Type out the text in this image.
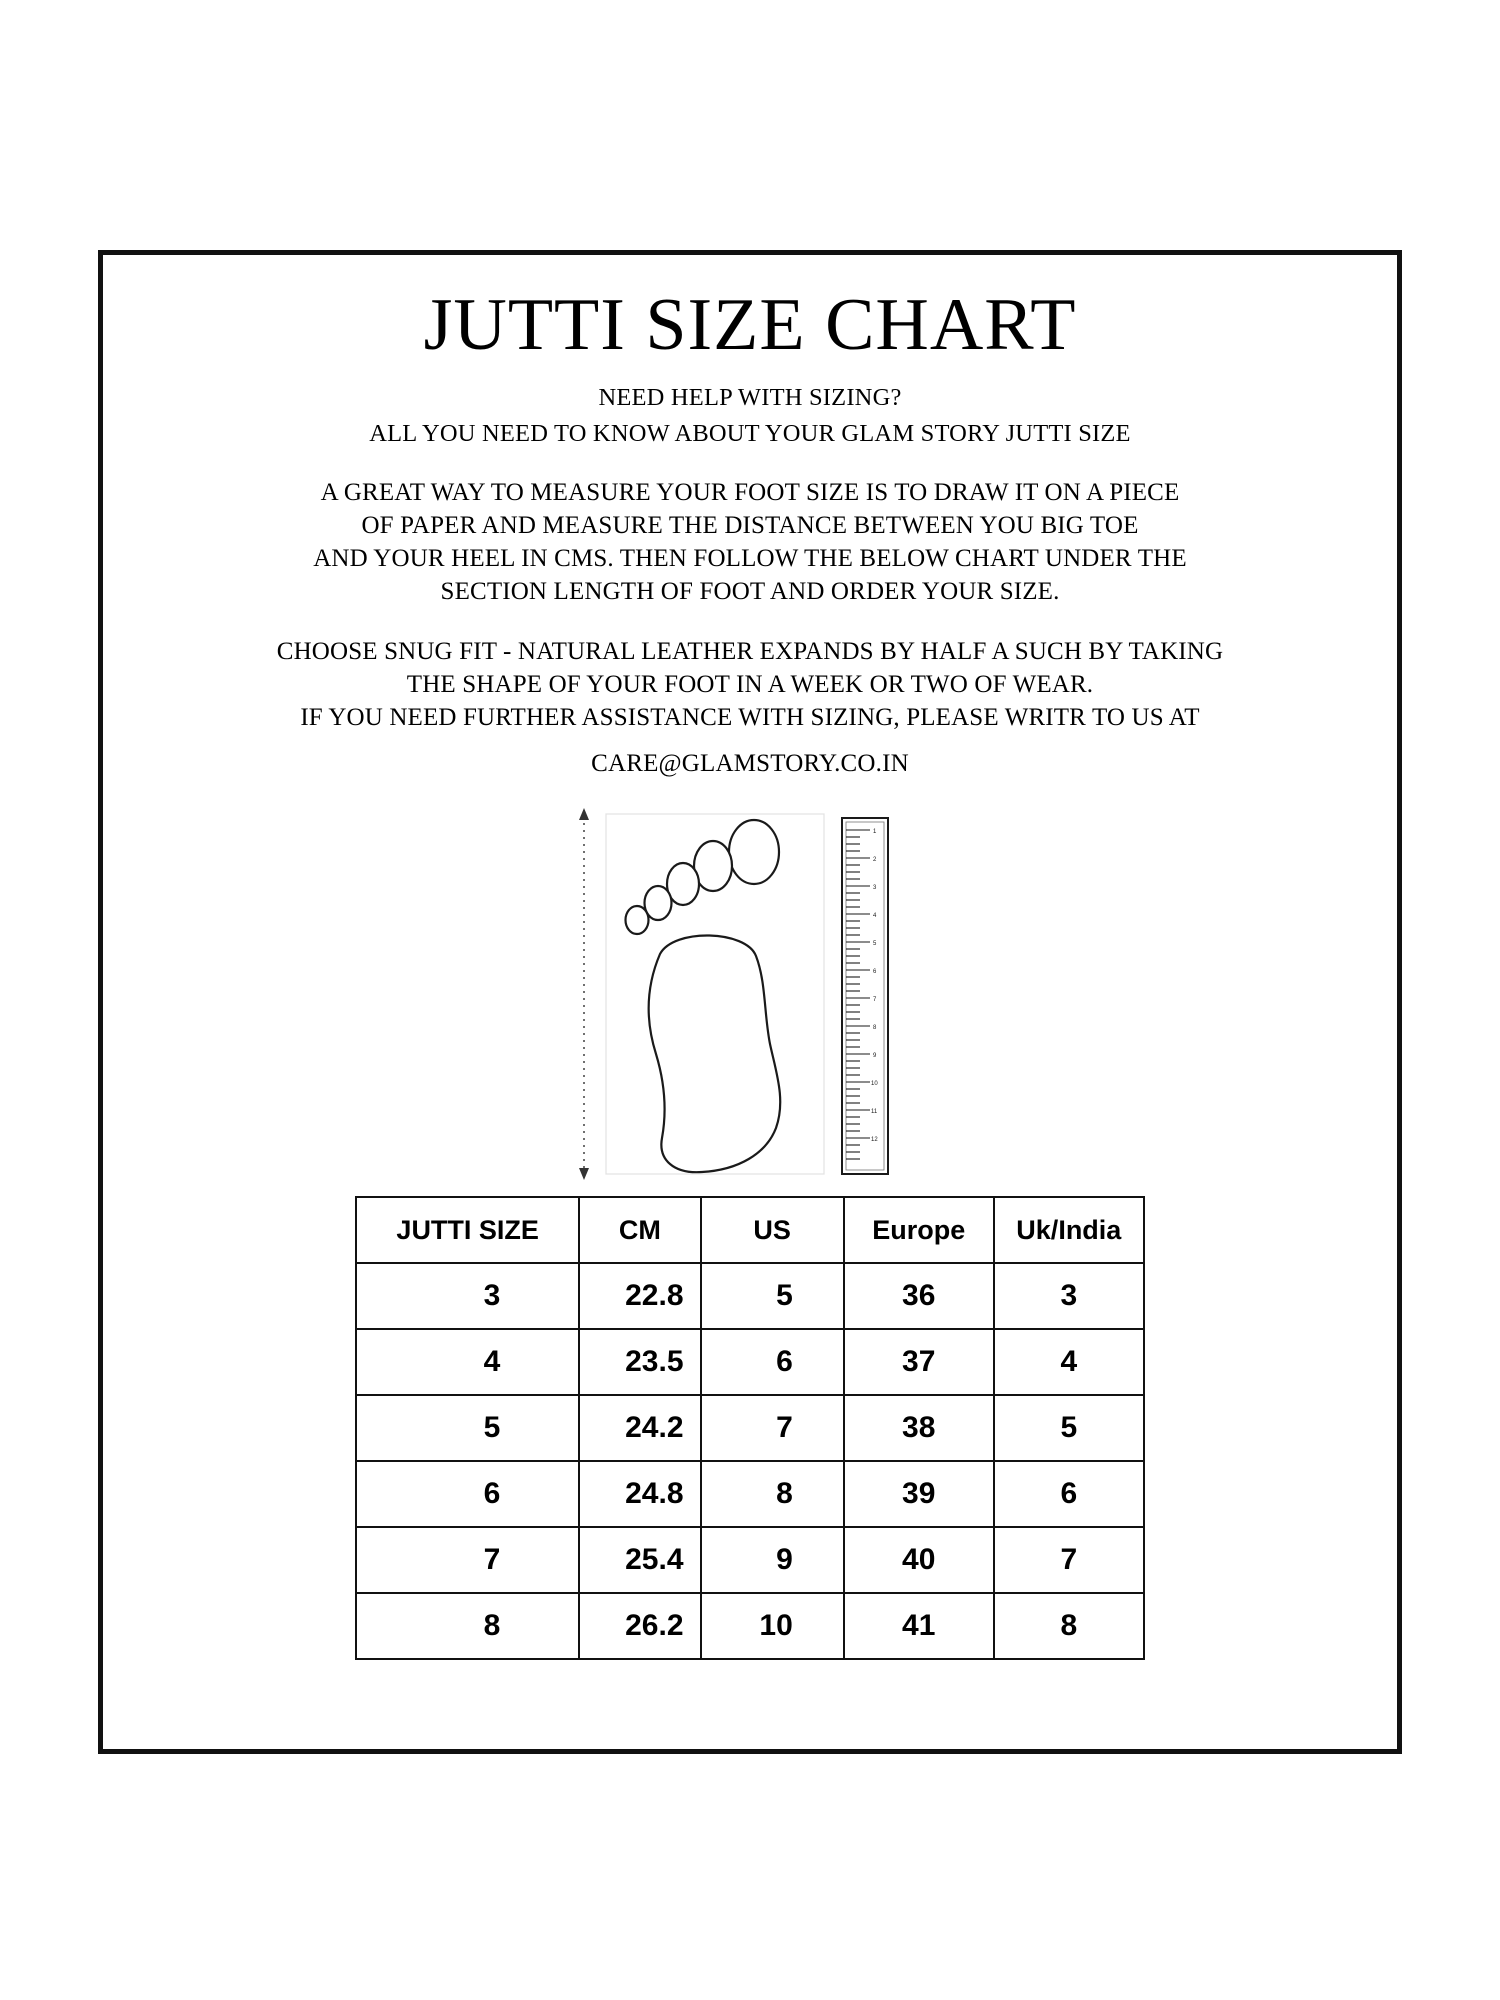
JUTTI SIZE CHART
NEED HELP WITH SIZING?
ALL YOU NEED TO KNOW ABOUT YOUR GLAM STORY JUTTI SIZE
A GREAT WAY TO MEASURE YOUR FOOT SIZE IS TO DRAW IT ON A PIECE
OF PAPER AND MEASURE THE DISTANCE BETWEEN YOU BIG TOE
AND YOUR HEEL IN CMS. THEN FOLLOW THE BELOW CHART UNDER THE
SECTION LENGTH OF FOOT AND ORDER YOUR SIZE.
CHOOSE SNUG FIT - NATURAL LEATHER EXPANDS BY HALF A SUCH BY TAKING
THE SHAPE OF YOUR FOOT IN A WEEK OR TWO OF WEAR.
IF YOU NEED FURTHER ASSISTANCE WITH SIZING, PLEASE WRITR TO US AT
CARE@GLAMSTORY.CO.IN
1
2
3
4
5
6
7
8
9
10
11
12
JUTTI SIZE	CM	US	Europe	Uk/India
3	22.8	5	36	3
4	23.5	6	37	4
5	24.2	7	38	5
6	24.8	8	39	6
7	25.4	9	40	7
8	26.2	10	41	8
